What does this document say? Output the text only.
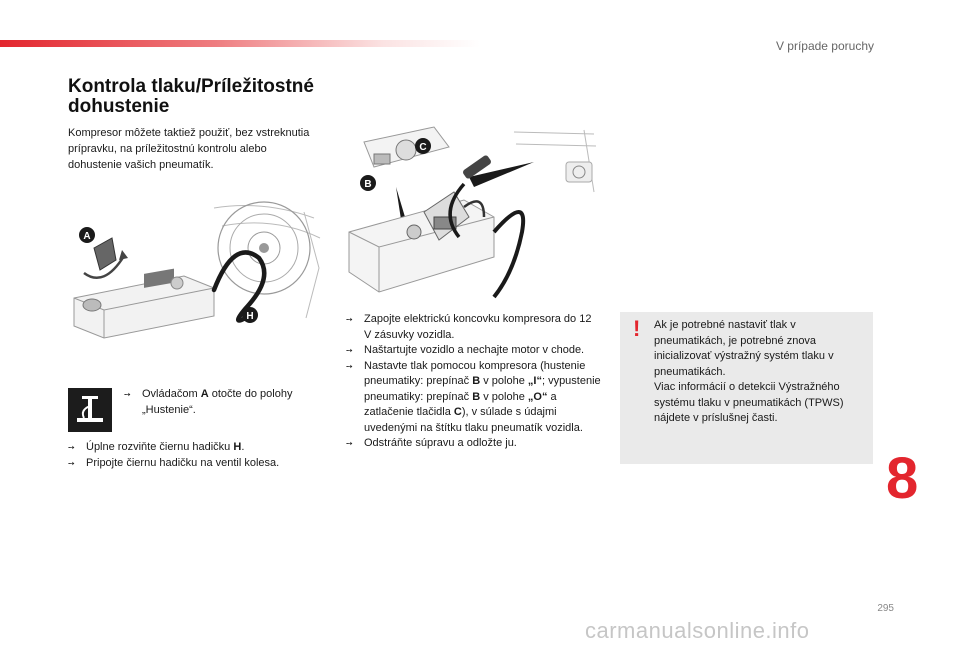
V prípade poruchy
Kontrola tlaku/Príležitostné dohustenie

Kompresor môžete taktiež použiť, bez vstreknutia prípravku, na príležitostnú kontrolu alebo dohustenie vašich pneumatík.

A
H
C
B

➙ Ovládačom A otočte do polohy „Hustenie“.

➙ Úplne rozviňte čiernu hadičku H.

➙ Pripojte čiernu hadičku na ventil kolesa.

➙ Zapojte elektrickú koncovku kompresora do 12 V zásuvky vozidla.

➙ Naštartujte vozidlo a nechajte motor v chode.

➙ Nastavte tlak pomocou kompresora (hustenie pneumatiky: prepínač B v polohe „I“; vypustenie pneumatiky: prepínač B v polohe „O“ a zatlačenie tlačidla C), v súlade s údajmi uvedenými na štítku tlaku pneumatík vozidla.

➙ Odstráňte súpravu a odložte ju.

! Ak je potrebné nastaviť tlak v pneumatikách, je potrebné znova inicializovať výstražný systém tlaku v pneumatikách.
Viac informácií o detekcii Výstražného systému tlaku v pneumatikách (TPWS) nájdete v príslušnej časti.
8
295
carmanualsonline.info
